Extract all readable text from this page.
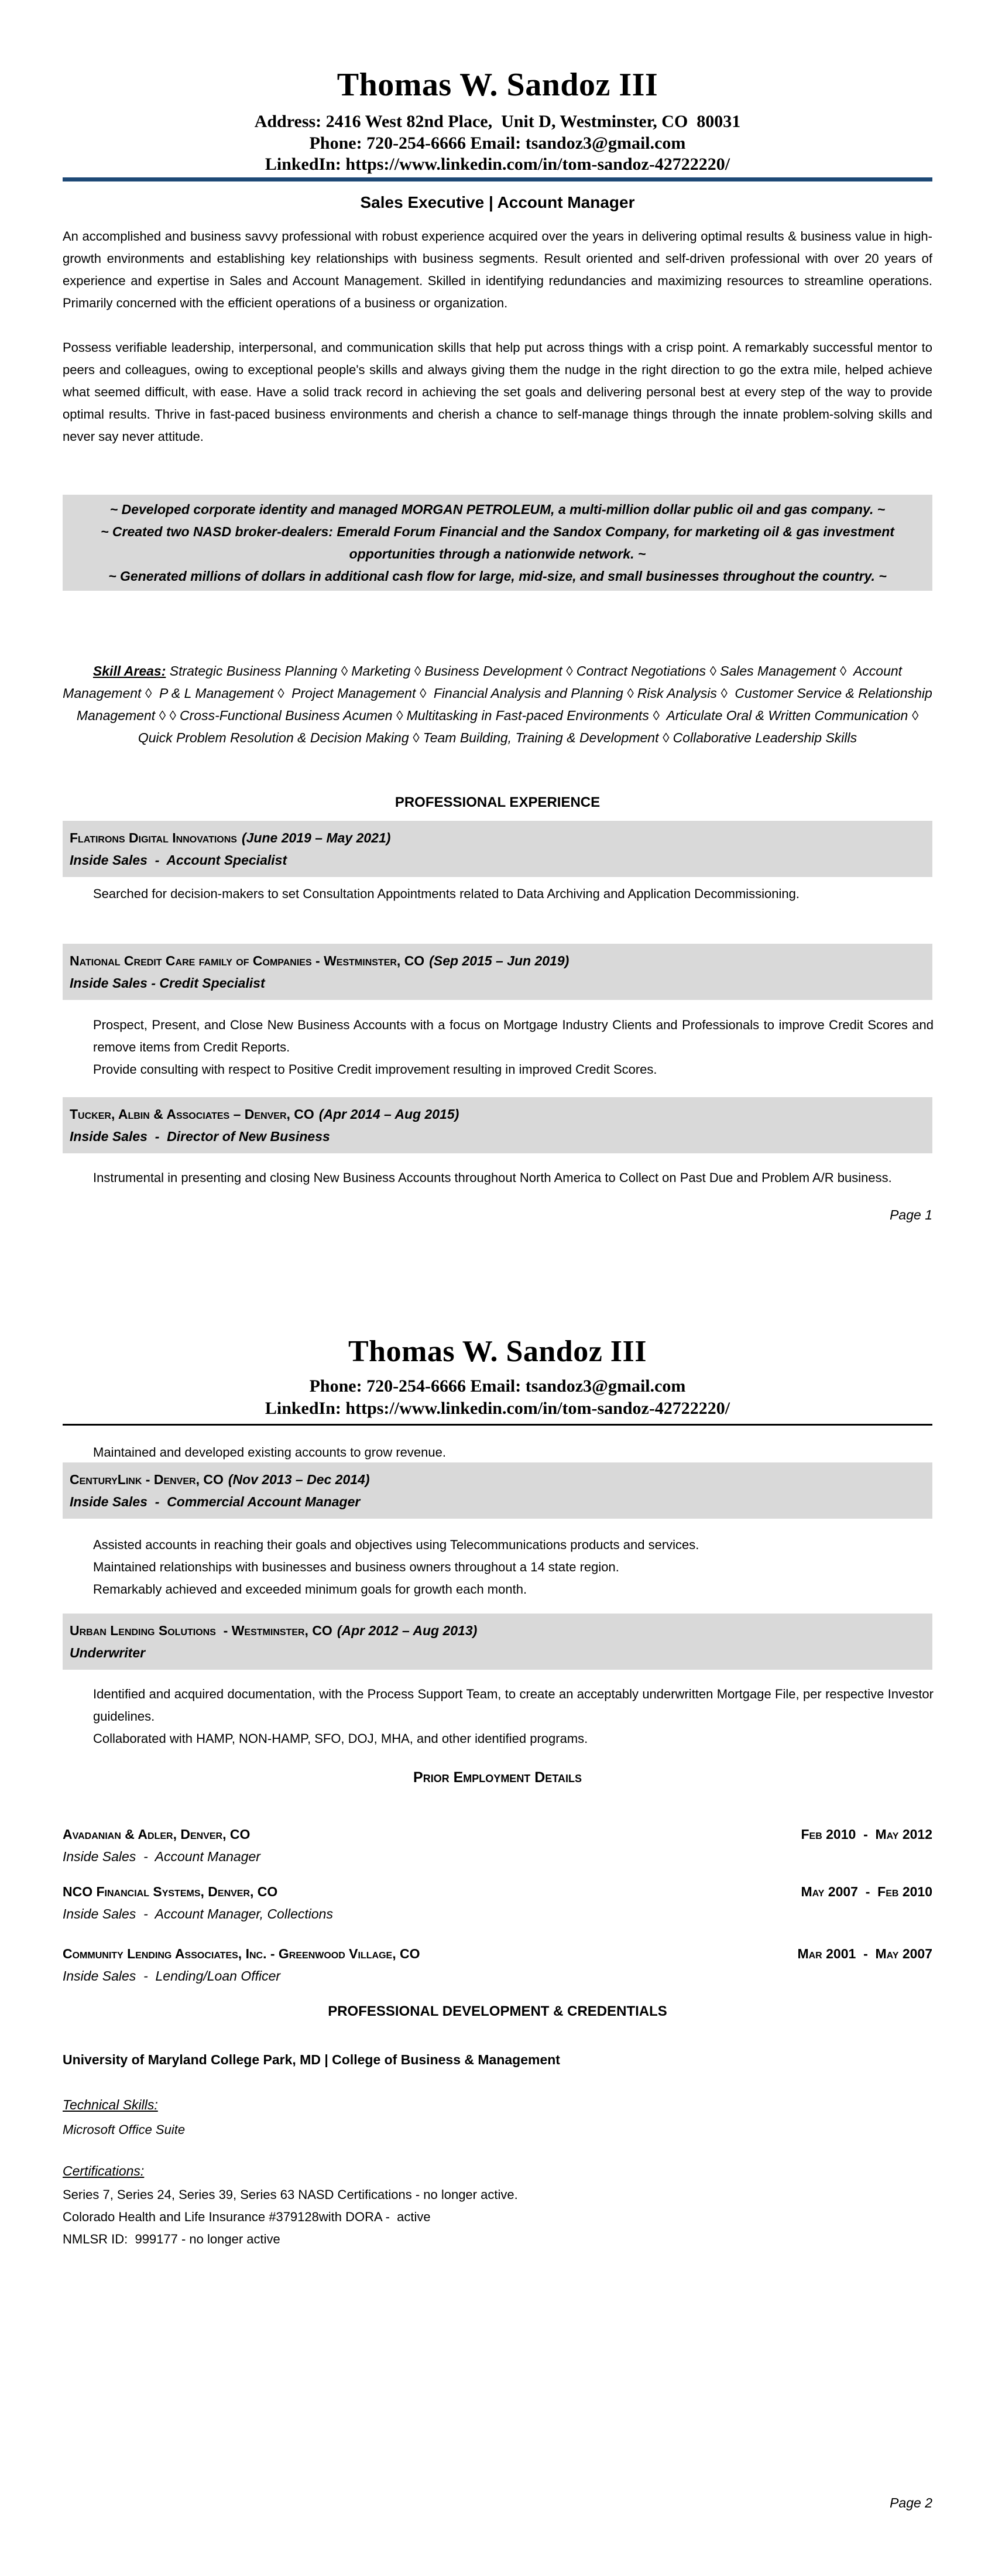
Thomas W. Sandoz III
Address: 2416 West 82nd Place,  Unit D, Westminster, CO  80031
Phone: 720-254-6666 Email: tsandoz3@gmail.com
LinkedIn: https://www.linkedin.com/in/tom-sandoz-42722220/
Sales Executive | Account Manager

An accomplished and business savvy professional with robust experience acquired over the years in delivering optimal results & business value in high-growth environments and establishing key relationships with business segments. Result oriented and self-driven professional with over 20 years of experience and expertise in Sales and Account Management. Skilled in identifying redundancies and maximizing resources to streamline operations. Primarily concerned with the efficient operations of a business or organization.

Possess verifiable leadership, interpersonal, and communication skills that help put across things with a crisp point. A remarkably successful mentor to peers and colleagues, owing to exceptional people's skills and always giving them the nudge in the right direction to go the extra mile, helped achieve what seemed difficult, with ease. Have a solid track record in achieving the set goals and delivering personal best at every step of the way to provide optimal results. Thrive in fast-paced business environments and cherish a chance to self-manage things through the innate problem-solving skills and never say never attitude.

~ Developed corporate identity and managed MORGAN PETROLEUM, a multi-million dollar public oil and gas company. ~

~ Created two NASD broker-dealers: Emerald Forum Financial and the Sandox Company, for marketing oil & gas investment opportunities through a nationwide network. ~

~ Generated millions of dollars in additional cash flow for large, mid-size, and small businesses throughout the country. ~

Skill Areas: Strategic Business Planning ◊ Marketing ◊ Business Development ◊ Contract Negotiations ◊ Sales Management ◊  Account Management ◊  P & L Management ◊  Project Management ◊  Financial Analysis and Planning ◊ Risk Analysis ◊  Customer Service & Relationship Management ◊ ◊ Cross-Functional Business Acumen ◊ Multitasking in Fast-paced Environments ◊  Articulate Oral & Written Communication ◊ Quick Problem Resolution & Decision Making ◊ Team Building, Training & Development ◊ Collaborative Leadership Skills

PROFESSIONAL EXPERIENCE
Flatirons Digital Innovations (June 2019 – May 2021)
Inside Sales  -  Account Specialist

Searched for decision-makers to set Consultation Appointments related to Data Archiving and Application Decommissioning.

National Credit Care family of Companies - Westminster, CO (Sep 2015 – Jun 2019)
Inside Sales - Credit Specialist

Prospect, Present, and Close New Business Accounts with a focus on Mortgage Industry Clients and Professionals to improve Credit Scores and remove items from Credit Reports.

Provide consulting with respect to Positive Credit improvement resulting in improved Credit Scores.

Tucker, Albin & Associates – Denver, CO (Apr 2014 – Aug 2015)
Inside Sales  -  Director of New Business

Instrumental in presenting and closing New Business Accounts throughout North America to Collect on Past Due and Problem A/R business.

Page 1
Thomas W. Sandoz III
Phone: 720-254-6666 Email: tsandoz3@gmail.com
LinkedIn: https://www.linkedin.com/in/tom-sandoz-42722220/

Maintained and developed existing accounts to grow revenue.

CenturyLink - Denver, CO (Nov 2013 – Dec 2014)
Inside Sales  -  Commercial Account Manager

Assisted accounts in reaching their goals and objectives using Telecommunications products and services.

Maintained relationships with businesses and business owners throughout a 14 state region.

Remarkably achieved and exceeded minimum goals for growth each month.

Urban Lending Solutions  - Westminster, CO (Apr 2012 – Aug 2013)
Underwriter

Identified and acquired documentation, with the Process Support Team, to create an acceptably underwritten Mortgage File, per respective Investor guidelines.

Collaborated with HAMP, NON-HAMP, SFO, DOJ, MHA, and other identified programs.

Prior Employment Details
Avadanian & Adler, Denver, CO	Feb 2010  -  May 2012
Inside Sales  -  Account Manager
NCO Financial Systems, Denver, CO	May 2007  -  Feb 2010
Inside Sales  -  Account Manager, Collections
Community Lending Associates, Inc. - Greenwood Village, CO	Mar 2001  -  May 2007
Inside Sales  -  Lending/Loan Officer
PROFESSIONAL DEVELOPMENT & CREDENTIALS
University of Maryland College Park, MD | College of Business & Management
Technical Skills:
Microsoft Office Suite
Certifications:

Series 7, Series 24, Series 39, Series 63 NASD Certifications - no longer active.

Colorado Health and Life Insurance #379128with DORA -  active

NMLSR ID:  999177 - no longer active

Page 2
